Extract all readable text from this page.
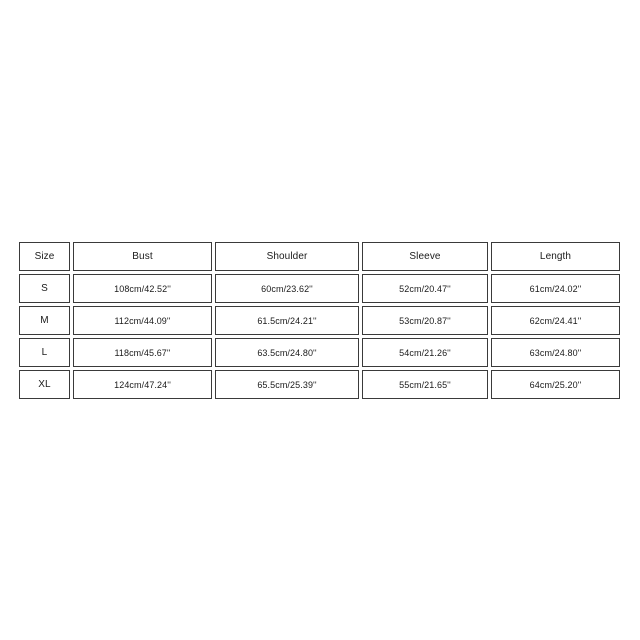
Size	Bust	Shoulder	Sleeve	Length
S	108cm/42.52''	60cm/23.62''	52cm/20.47''	61cm/24.02''
M	112cm/44.09''	61.5cm/24.21''	53cm/20.87''	62cm/24.41''
L	118cm/45.67''	63.5cm/24.80''	54cm/21.26''	63cm/24.80''
XL	124cm/47.24''	65.5cm/25.39''	55cm/21.65''	64cm/25.20''
